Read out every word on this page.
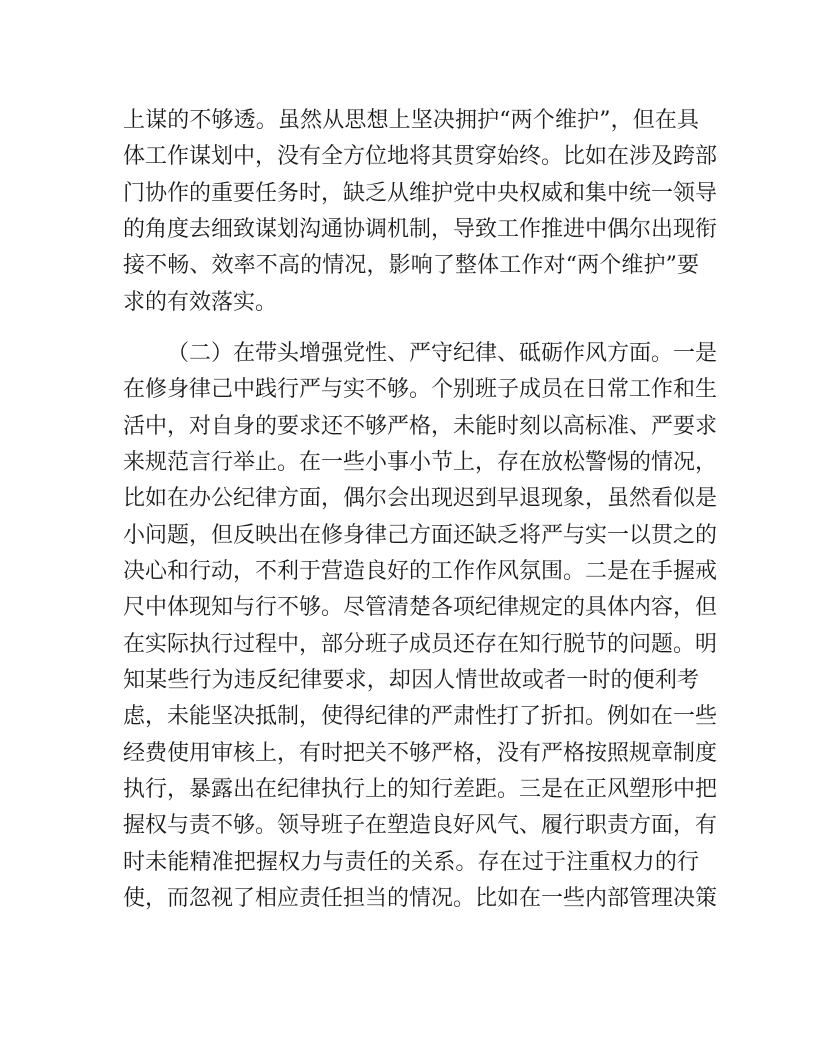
上谋的不够透。虽然从思想上坚决拥护“两个维护”，但在具
体工作谋划中，没有全方位地将其贯穿始终。比如在涉及跨部
门协作的重要任务时，缺乏从维护党中央权威和集中统一领导
的角度去细致谋划沟通协调机制，导致工作推进中偶尔出现衔
接不畅、效率不高的情况，影响了整体工作对“两个维护”要
求的有效落实。
（二）在带头增强党性、严守纪律、砥砺作风方面。一是
在修身律己中践行严与实不够。个别班子成员在日常工作和生
活中，对自身的要求还不够严格，未能时刻以高标准、严要求
来规范言行举止。在一些小事小节上，存在放松警惕的情况，
比如在办公纪律方面，偶尔会出现迟到早退现象，虽然看似是
小问题，但反映出在修身律己方面还缺乏将严与实一以贯之的
决心和行动，不利于营造良好的工作作风氛围。二是在手握戒
尺中体现知与行不够。尽管清楚各项纪律规定的具体内容，但
在实际执行过程中，部分班子成员还存在知行脱节的问题。明
知某些行为违反纪律要求，却因人情世故或者一时的便利考
虑，未能坚决抵制，使得纪律的严肃性打了折扣。例如在一些
经费使用审核上，有时把关不够严格，没有严格按照规章制度
执行，暴露出在纪律执行上的知行差距。三是在正风塑形中把
握权与责不够。领导班子在塑造良好风气、履行职责方面，有
时未能精准把握权力与责任的关系。存在过于注重权力的行
使，而忽视了相应责任担当的情况。比如在一些内部管理决策
